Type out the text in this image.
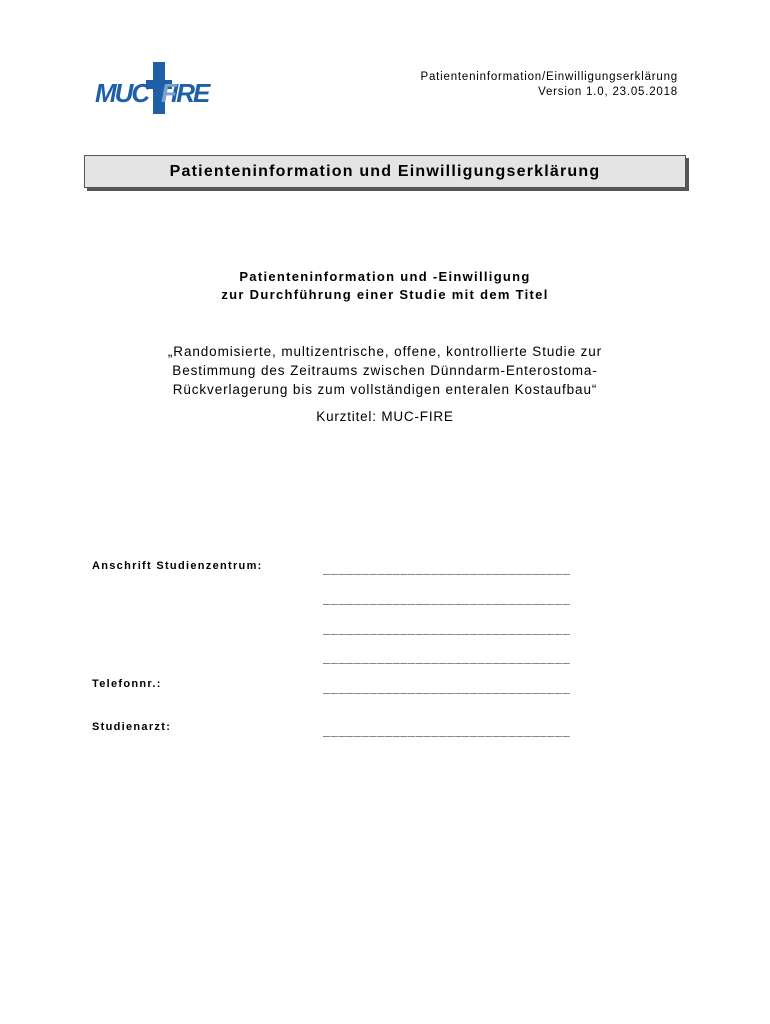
MUC IRE
F
Patienteninformation/Einwilligungserklärung
Version 1.0, 23.05.2018
Patienteninformation und Einwilligungserklärung
Patienteninformation und -Einwilligung
zur Durchführung einer Studie mit dem Titel
„Randomisierte, multizentrische, offene, kontrollierte Studie zur
Bestimmung des Zeitraums zwischen Dünndarm-Enterostoma-
Rückverlagerung bis zum vollständigen enteralen Kostaufbau“
Kurztitel: MUC-FIRE
Anschrift Studienzentrum:	________________________________
________________________________
________________________________
________________________________
Telefonnr.:	________________________________
Studienarzt:	________________________________
